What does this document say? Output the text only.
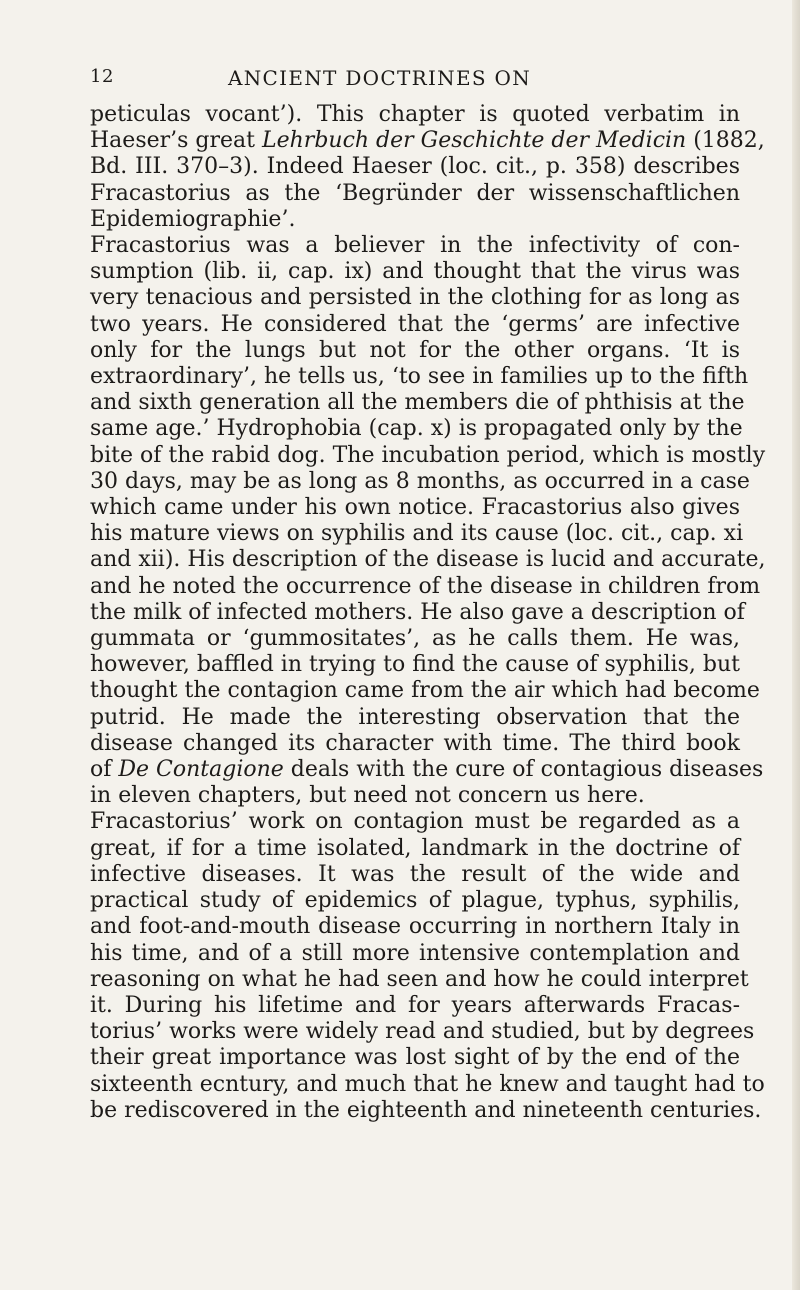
12	ANCIENT DOCTRINES ON
peticulas vocant’). This chapter is quoted verbatim in
Haeser’s great Lehrbuch der Geschichte der Medicin (1882,
Bd. III. 370–3). Indeed Haeser (loc. cit., p. 358) describes
Fracastorius as the ‘Begründer der wissenschaftlichen
Epidemiographie’.
Fracastorius was a believer in the infectivity of con-
sumption (lib. ii, cap. ix) and thought that the virus was
very tenacious and persisted in the clothing for as long as
two years. He considered that the ‘germs’ are infective
only for the lungs but not for the other organs. ‘It is
extraordinary’, he tells us, ‘to see in families up to the fifth
and sixth generation all the members die of phthisis at the
same age.’ Hydrophobia (cap. x) is propagated only by the
bite of the rabid dog. The incubation period, which is mostly
30 days, may be as long as 8 months, as occurred in a case
which came under his own notice. Fracastorius also gives
his mature views on syphilis and its cause (loc. cit., cap. xi
and xii). His description of the disease is lucid and accurate,
and he noted the occurrence of the disease in children from
the milk of infected mothers. He also gave a description of
gummata or ‘gummositates’, as he calls them. He was,
however, baffled in trying to find the cause of syphilis, but
thought the contagion came from the air which had become
putrid. He made the interesting observation that the
disease changed its character with time. The third book
of De Contagione deals with the cure of contagious diseases
in eleven chapters, but need not concern us here.
Fracastorius’ work on contagion must be regarded as a
great, if for a time isolated, landmark in the doctrine of
infective diseases. It was the result of the wide and
practical study of epidemics of plague, typhus, syphilis,
and foot-and-mouth disease occurring in northern Italy in
his time, and of a still more intensive contemplation and
reasoning on what he had seen and how he could interpret
it. During his lifetime and for years afterwards Fracas-
torius’ works were widely read and studied, but by degrees
their great importance was lost sight of by the end of the
sixteenth ecntury, and much that he knew and taught had to
be rediscovered in the eighteenth and nineteenth centuries.
